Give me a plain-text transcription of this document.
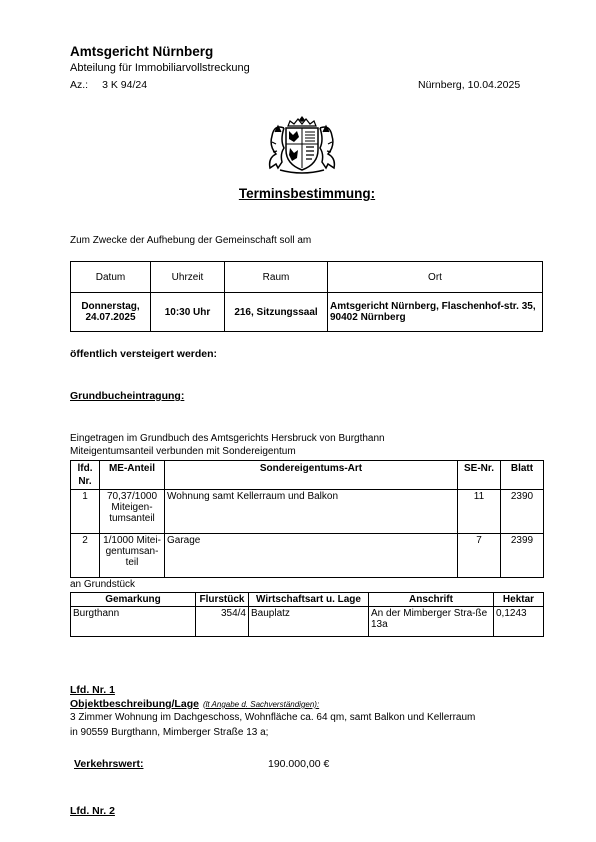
Amtsgericht Nürnberg
Abteilung für Immobiliarvollstreckung
Az.: 3 K 94/24	Nürnberg, 10.04.2025
Terminsbestimmung:
Zum Zwecke der Aufhebung der Gemeinschaft soll am
Datum	Uhrzeit	Raum	Ort
Donnerstag, 24.07.2025	10:30 Uhr	216, Sitzungssaal	Amtsgericht Nürnberg, Flaschenhof-str. 35, 90402 Nürnberg
öffentlich versteigert werden:
Grundbucheintragung:
Eingetragen im Grundbuch des Amtsgerichts Hersbruck von Burgthann
Miteigentumsanteil verbunden mit Sondereigentum
lfd. Nr.	ME-Anteil	Sondereigentums-Art	SE-Nr.	Blatt
1	70,37/1000 Miteigen-tumsanteil	Wohnung samt Kellerraum und Balkon	11	2390
2	1/1000 Mitei-gentumsan-teil	Garage	7	2399
an Grundstück
Gemarkung	Flurstück	Wirtschaftsart u. Lage	Anschrift	Hektar
Burgthann	354/4	Bauplatz	An der Mimberger Stra-ße 13a	0,1243
Lfd. Nr. 1
Objektbeschreibung/Lage (lt Angabe d. Sachverständigen):
3 Zimmer Wohnung im Dachgeschoss, Wohnfläche ca. 64 qm, samt Balkon und Kellerraum
in 90559 Burgthann, Mimberger Straße 13 a;
Verkehrswert:	190.000,00 €
Lfd. Nr. 2
